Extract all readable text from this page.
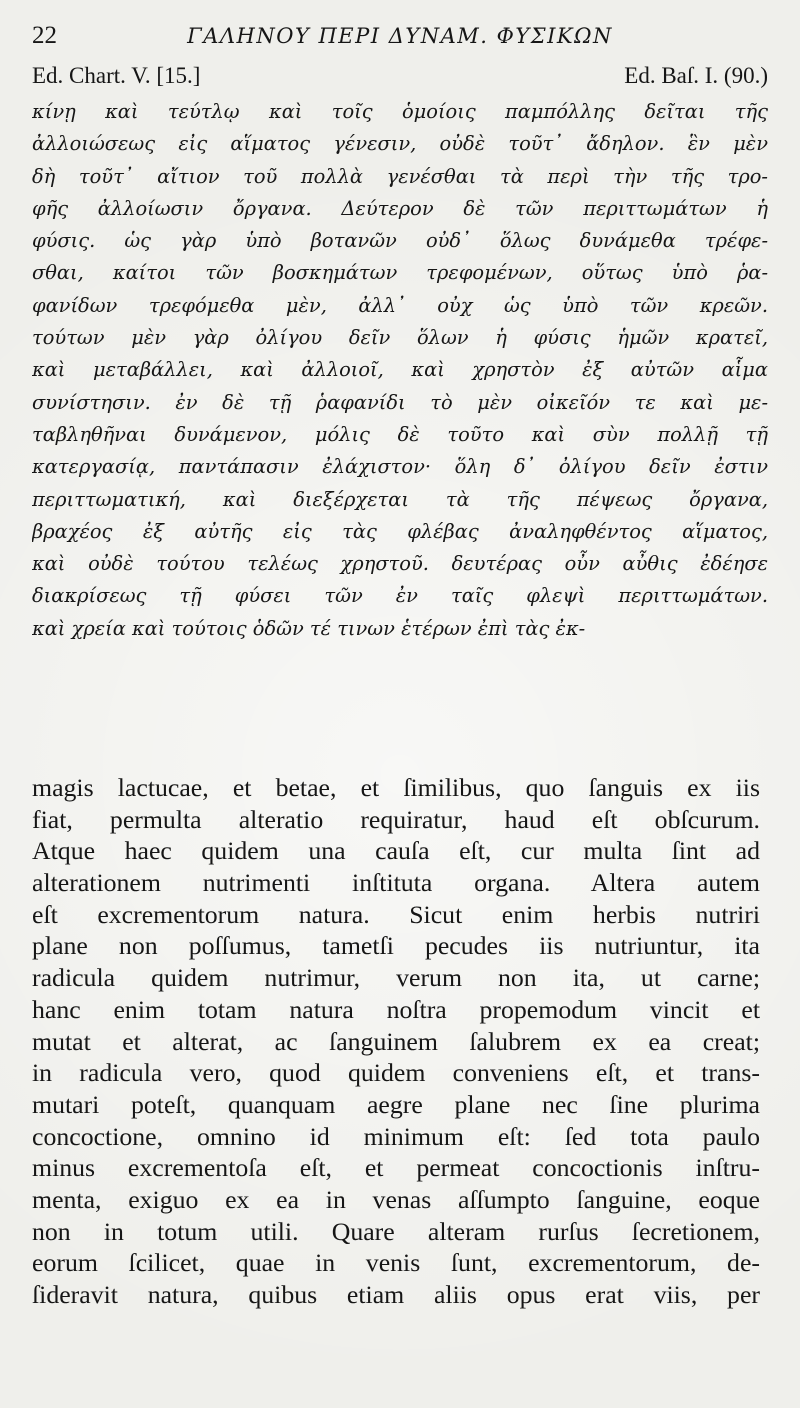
22	ΓΑΛΗΝΟΥ ΠΕΡΙ ΔΥΝΑΜ. ΦΥΣΙΚΩΝ
Ed. Chart. V. [15.]	Ed. Baſ. I. (90.)
κίνῃ καὶ τεύτλῳ καὶ τοῖς ὁμοίοις παμπόλλης δεῖται τῆς
ἀλλοιώσεως εἰς αἵματος γένεσιν, οὐδὲ τοῦτ᾽ ἄδηλον. ἓν μὲν
δὴ τοῦτ᾽ αἴτιον τοῦ πολλὰ γενέσθαι τὰ περὶ τὴν τῆς τρο-
φῆς ἀλλοίωσιν ὄργανα. Δεύτερον δὲ τῶν περιττωμάτων ἡ
φύσις. ὡς γὰρ ὑπὸ βοτανῶν οὐδ᾽ ὅλως δυνάμεθα τρέφε-
σθαι, καίτοι τῶν βοσκημάτων τρεφομένων, οὕτως ὑπὸ ῥα-
φανίδων τρεφόμεθα μὲν, ἀλλ᾽ οὐχ ὡς ὑπὸ τῶν κρεῶν.
τούτων μὲν γὰρ ὀλίγου δεῖν ὅλων ἡ φύσις ἡμῶν κρατεῖ,
καὶ μεταβάλλει, καὶ ἀλλοιοῖ, καὶ χρηστὸν ἐξ αὐτῶν αἷμα
συνίστησιν. ἐν δὲ τῇ ῥαφανίδι τὸ μὲν οἰκεῖόν τε καὶ με-
ταβληθῆναι δυνάμενον, μόλις δὲ τοῦτο καὶ σὺν πολλῇ τῇ
κατεργασίᾳ, παντάπασιν ἐλάχιστον· ὅλη δ᾽ ὀλίγου δεῖν ἐστιν
περιττωματική, καὶ διεξέρχεται τὰ τῆς πέψεως ὄργανα,
βραχέος ἐξ αὐτῆς εἰς τὰς φλέβας ἀναληφθέντος αἵματος,
καὶ οὐδὲ τούτου τελέως χρηστοῦ. δευτέρας οὖν αὖθις ἐδέησε
διακρίσεως τῇ φύσει τῶν ἐν ταῖς φλεψὶ περιττωμάτων.
καὶ χρεία καὶ τούτοις ὁδῶν τέ τινων ἑτέρων ἐπὶ τὰς ἐκ-
magis lactucae, et betae, et ſimilibus, quo ſanguis ex iis
fiat, permulta alteratio requiratur, haud eſt obſcurum.
Atque haec quidem una cauſa eſt, cur multa ſint ad
alterationem nutrimenti inſtituta organa. Altera autem
eſt excrementorum natura. Sicut enim herbis nutriri
plane non poſſumus, tametſi pecudes iis nutriuntur, ita
radicula quidem nutrimur, verum non ita, ut carne;
hanc enim totam natura noſtra propemodum vincit et
mutat et alterat, ac ſanguinem ſalubrem ex ea creat;
in radicula vero, quod quidem conveniens eſt, et trans-
mutari poteſt, quanquam aegre plane nec ſine plurima
concoctione, omnino id minimum eſt: ſed tota paulo
minus excrementoſa eſt, et permeat concoctionis inſtru-
menta, exiguo ex ea in venas aſſumpto ſanguine, eoque
non in totum utili. Quare alteram rurſus ſecretionem,
eorum ſcilicet, quae in venis ſunt, excrementorum, de-
ſideravit natura, quibus etiam aliis opus erat viis, per
